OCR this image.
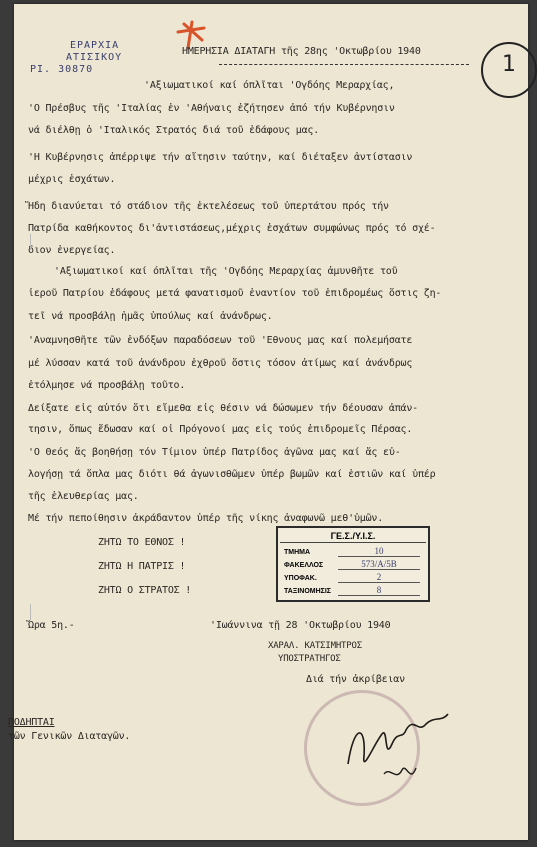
ΕΡΑΡΧΙΑ
ΑΤΙΣΙΚΟΥ
ΡΙ. 30870
ΗΜΕΡΗΣΙΑ ΔΙΑΤΑΓΗ τῆς 28ης 'Οκτωβρίου 1940
1
'Αξιωματικοί καί όπλῖται 'Ογδόης Μεραρχίας,
'Ο Πρέσβυς τῆς 'Ιταλίας ἐν 'Αθήναις ἐζήτησεν ἀπό τήν Κυβέρνησιν
νά διέλθῃ ὁ 'Ιταλικός Στρατός διά τοῦ ἐδάφους μας.
'Η Κυβέρνησις ἀπέρριψε τήν αἴτησιν ταύτην, καί διέταξεν ἀντίστασιν
μέχρις ἐσχάτων.
Ἤδη διανύεται τό στάδιον τῆς ἐκτελέσεως τοῦ ὑπερτάτου πρός τήν
Πατρίδα καθήκοντος δι'ἀντιστάσεως,μέχρις ἐσχάτων συμφώνως πρός τό σχέ-
διον ἐνεργείας.
'Αξιωματικοί καί όπλῖται τῆς 'Ογδόης Μεραρχίας ἀμυνθῆτε τοῦ
ἱεροῦ Πατρίου ἐδάφους μετά φανατισμοῦ ἐναντίον τοῦ ἐπιδρομέως ὅστις ζη-
τεῖ νά προσβάλῃ ἡμᾶς ὑπούλως καί ἀνάνδρως.
'Αναμνησθῆτε τῶν ἐνδόξων παραδόσεων τοῦ 'Εθνους μας καί πολεμήσατε
μέ λύσσαν κατά τοῦ ἀνάνδρου ἐχθροῦ ὅστις τόσον ἀτίμως καί ἀνάνδρως
ἐτόλμησε νά προσβάλῃ τοῦτο.
Δείξατε εἰς αὐτόν ὅτι εἴμεθα εἰς θέσιν νά δώσωμεν τήν δέουσαν ἀπάν-
τησιν, ὅπως ἔδωσαν καί οἱ Πρόγονοί μας εἰς τούς ἐπιδρομεῖς Πέρσας.
'Ο Θεός ἄς βοηθήσῃ τόν Τίμιον ὑπέρ Πατρίδος ἀγῶνα μας καί ἄς εὐ-
λογήσῃ τά ὅπλα μας διότι θά ἀγωνισθῶμεν ὑπέρ βωμῶν καί ἑστιῶν καί ὑπέρ
τῆς ἐλευθερίας μας.
Μέ τήν πεποίθησιν ἀκράδαντον ὑπέρ τῆς νίκης ἀναφωνῶ μεθ'ὑμῶν.
ΖΗΤΩ ΤΟ ΕΘΝΟΣ !
ΖΗΤΩ Η ΠΑΤΡΙΣ !
ΖΗΤΩ Ο ΣΤΡΑΤΟΣ !
ΓΕ.Σ./Υ.Ι.Σ.
ΤΜΗΜΑ	10
ΦΑΚΕΛΛΟΣ	573/A/5B
ΥΠΟΦΑΚ.	2
ΤΑΞΙΝΟΜΗΣΙΣ	8
Ὥρα 5η.-	'Ιωάννινα τῇ 28 'Οκτωβρίου 1940
ΧΑΡΑΛ. ΚΑΤΣΙΜΗΤΡΟΣ
ΥΠΟΣΤΡΑΤΗΓΟΣ
Διά τήν ἀκρίβειαν
ΠΟΔΗΠΤΑΙ
τῶν Γενικῶν Διαταγῶν.
